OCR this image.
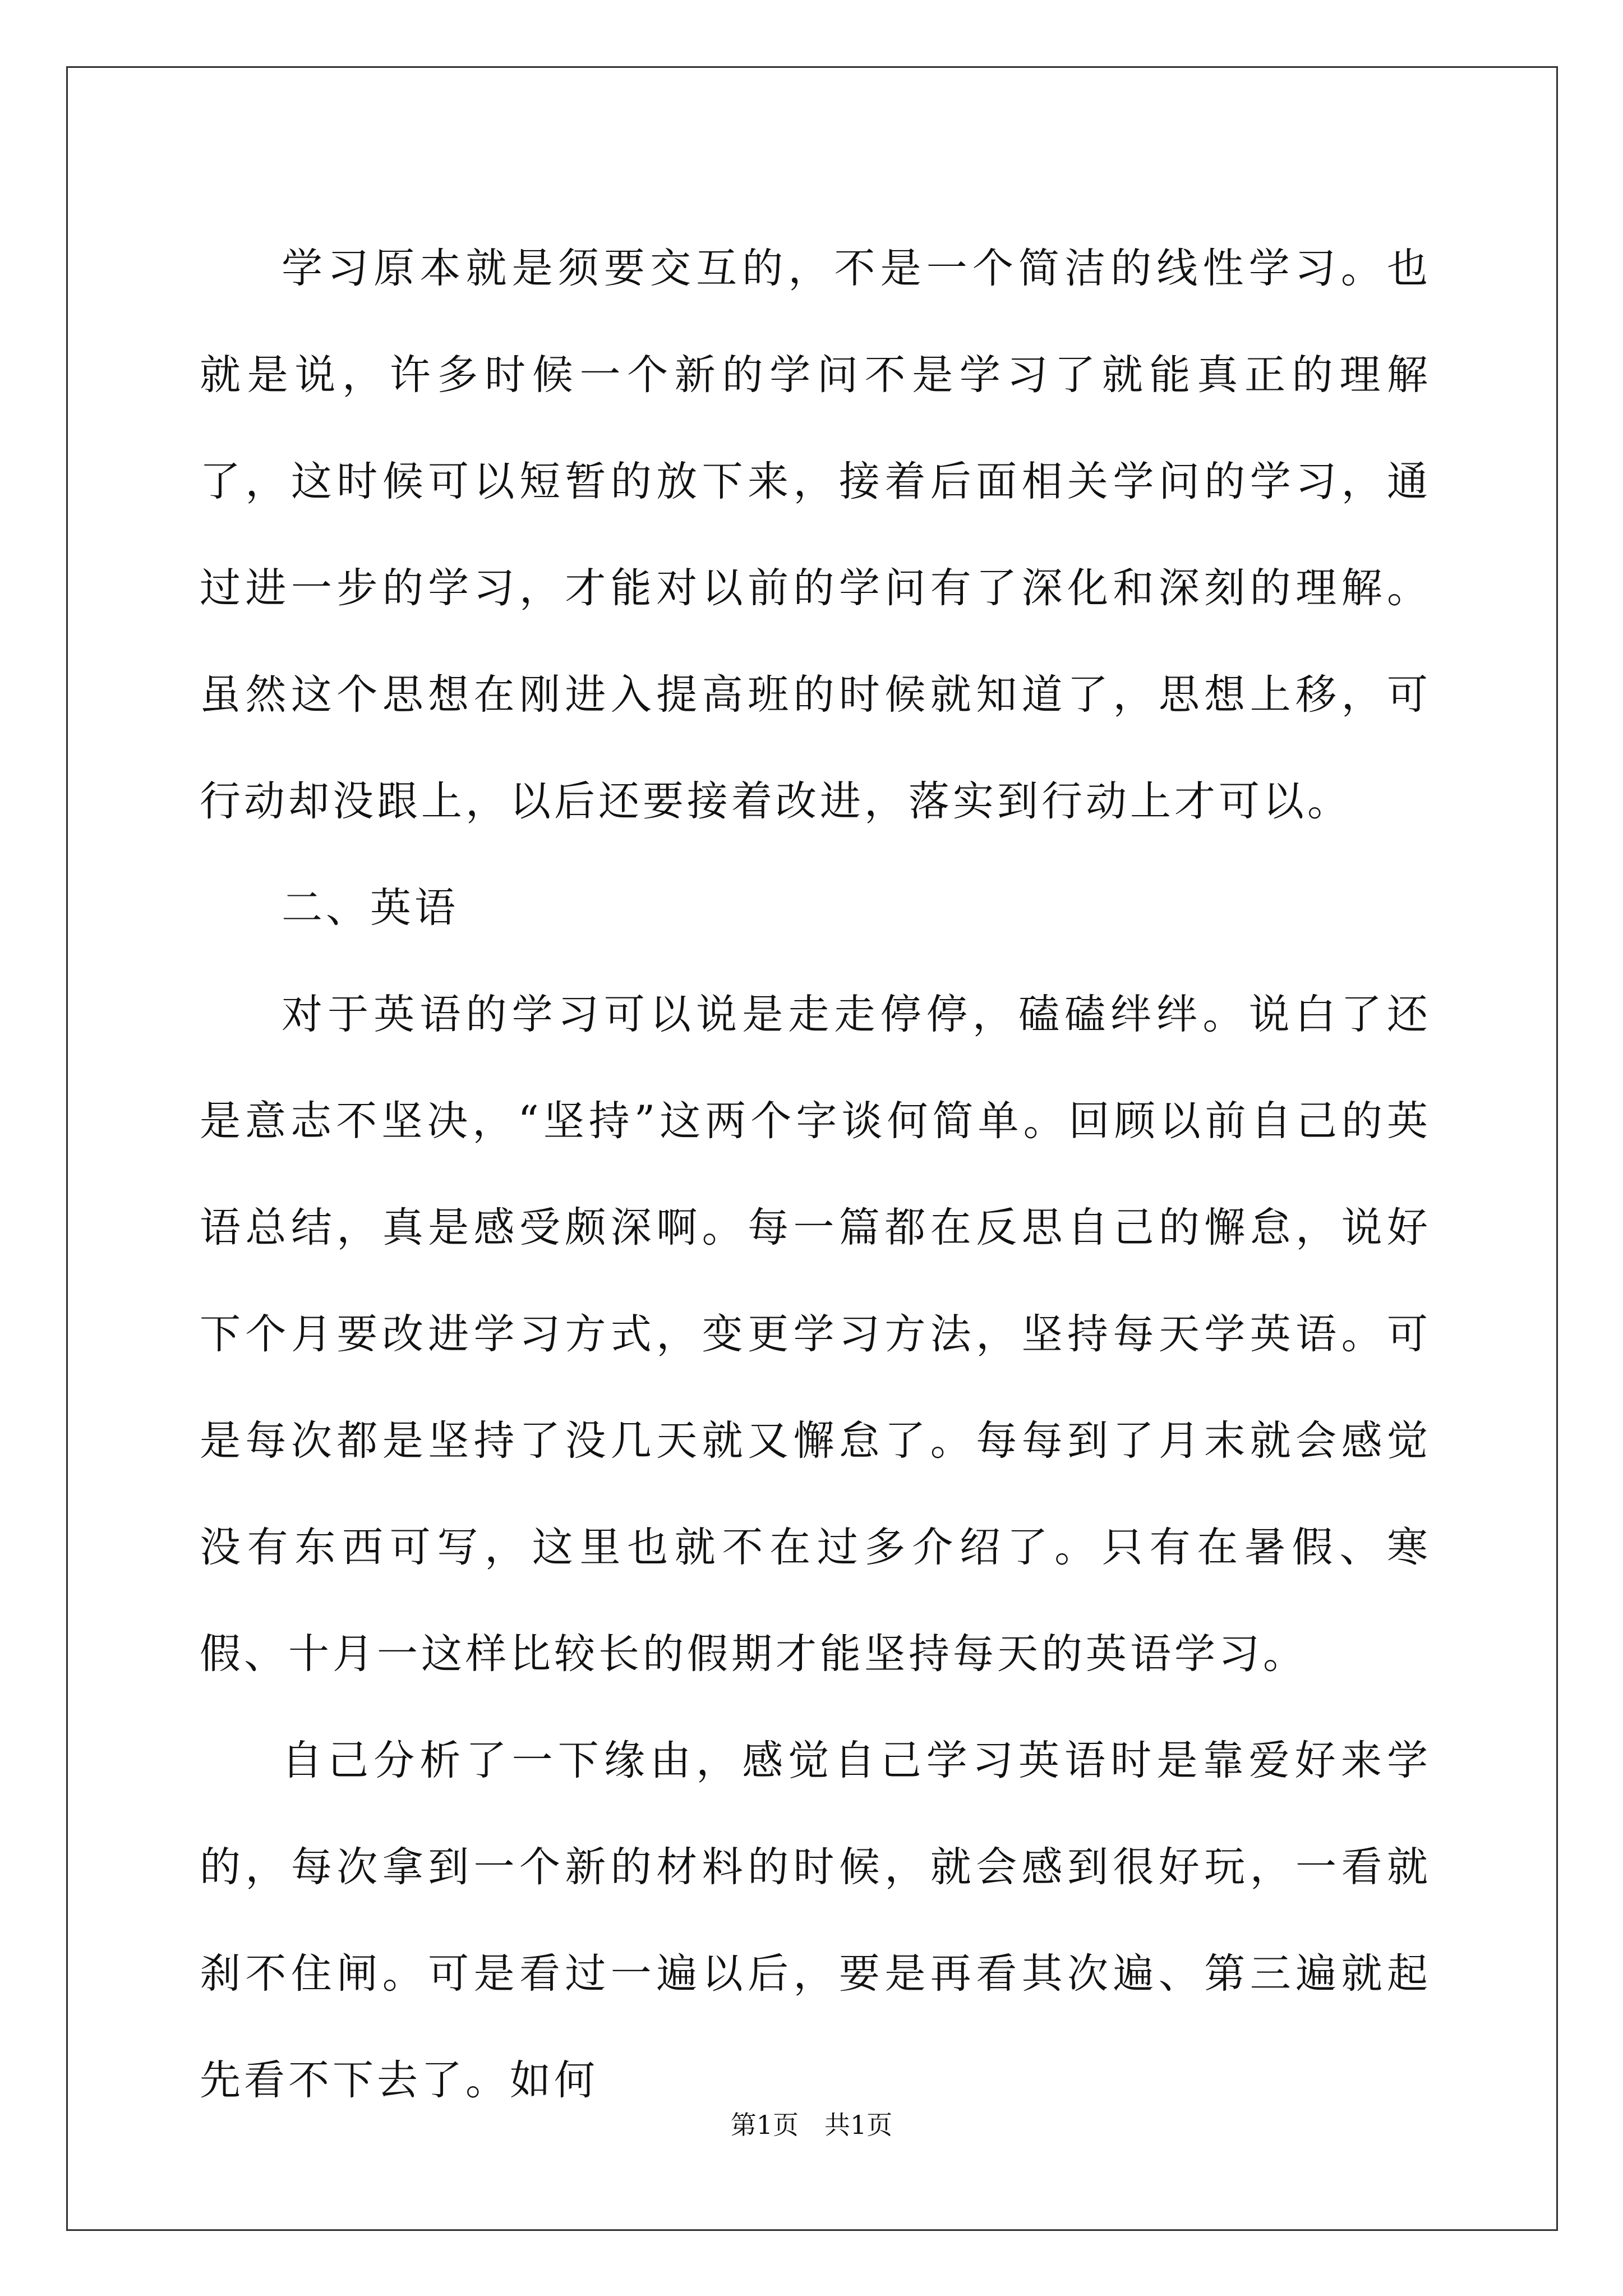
学习原本就是须要交互的，不是一个简洁的线性学习。也就是说，许多时候一个新的学问不是学习了就能真正的理解了，这时候可以短暂的放下来，接着后面相关学问的学习，通过进一步的学习，才能对以前的学问有了深化和深刻的理解。虽然这个思想在刚进入提高班的时候就知道了，思想上移，可行动却没跟上，以后还要接着改进，落实到行动上才可以。

二、英语

对于英语的学习可以说是走走停停，磕磕绊绊。说白了还是意志不坚决，“坚持”这两个字谈何简单。回顾以前自己的英语总结，真是感受颇深啊。每一篇都在反思自己的懈怠，说好下个月要改进学习方式，变更学习方法，坚持每天学英语。可是每次都是坚持了没几天就又懈怠了。每每到了月末就会感觉没有东西可写，这里也就不在过多介绍了。只有在暑假、寒假、十月一这样比较长的假期才能坚持每天的英语学习。

自己分析了一下缘由，感觉自己学习英语时是靠爱好来学的，每次拿到一个新的材料的时候，就会感到很好玩，一看就刹不住闸。可是看过一遍以后，要是再看其次遍、第三遍就起先看不下去了。如何

第1页　共1页
